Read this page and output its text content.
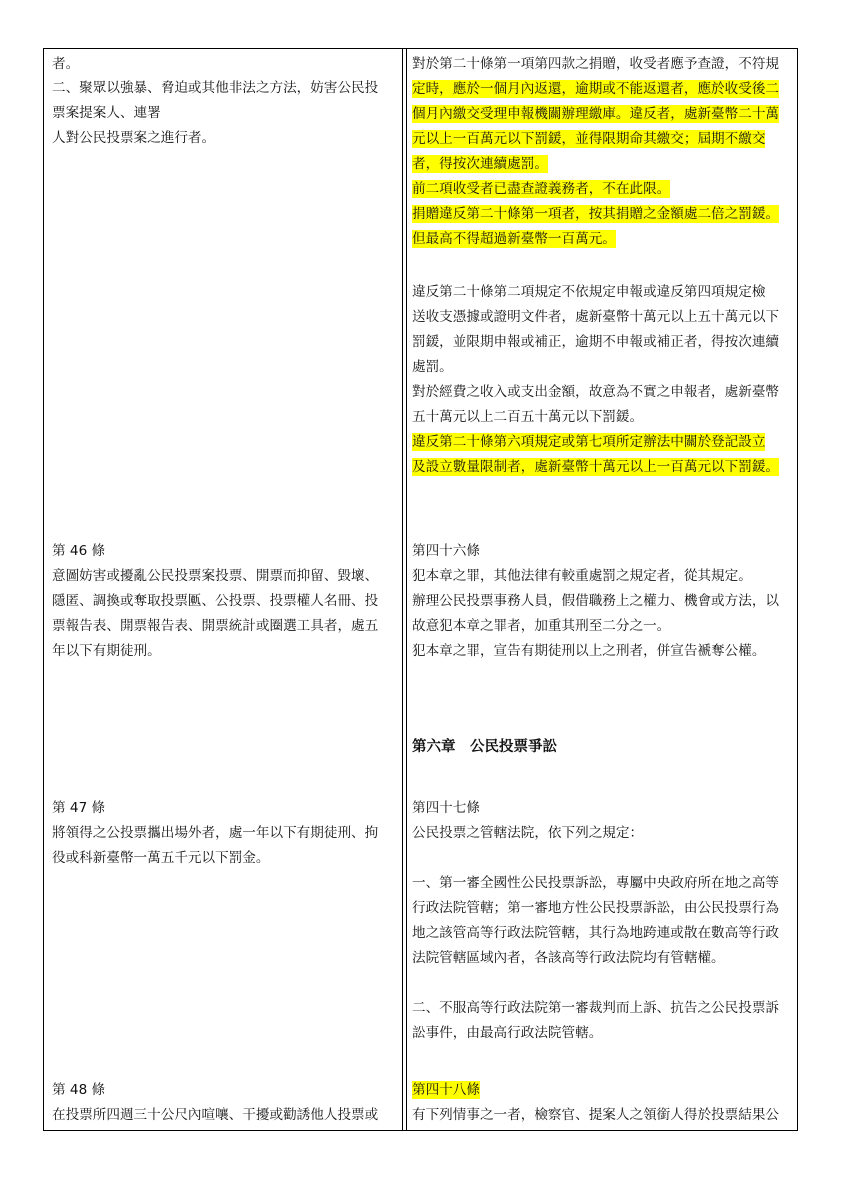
者。
二、聚眾以強暴、脅迫或其他非法之方法，妨害公民投
票案提案人、連署
人對公民投票案之進行者。
第 46 條
意圖妨害或擾亂公民投票案投票、開票而抑留、毀壞、
隱匿、調換或奪取投票匭、公投票、投票權人名冊、投
票報告表、開票報告表、開票統計或圈選工具者，處五
年以下有期徒刑。
第 47 條
將領得之公投票攜出場外者，處一年以下有期徒刑、拘
役或科新臺幣一萬五千元以下罰金。
第 48 條
在投票所四週三十公尺內喧嚷、干擾或勸誘他人投票或
對於第二十條第一項第四款之捐贈，收受者應予查證，不符規
定時，應於一個月內返還，逾期或不能返還者，應於收受後二
個月內繳交受理申報機關辦理繳庫。違反者，處新臺幣二十萬
元以上一百萬元以下罰鍰，並得限期命其繳交；屆期不繳交
者，得按次連續處罰。
前二項收受者已盡查證義務者，不在此限。
捐贈違反第二十條第一項者，按其捐贈之金額處二倍之罰鍰。
但最高不得超過新臺幣一百萬元。
違反第二十條第二項規定不依規定申報或違反第四項規定檢
送收支憑據或證明文件者，處新臺幣十萬元以上五十萬元以下
罰鍰，並限期申報或補正，逾期不申報或補正者，得按次連續
處罰。
對於經費之收入或支出金額，故意為不實之申報者，處新臺幣
五十萬元以上二百五十萬元以下罰鍰。
違反第二十條第六項規定或第七項所定辦法中關於登記設立
及設立數量限制者，處新臺幣十萬元以上一百萬元以下罰鍰。
第四十六條
犯本章之罪，其他法律有較重處罰之規定者，從其規定。
辦理公民投票事務人員，假借職務上之權力、機會或方法，以
故意犯本章之罪者，加重其刑至二分之一。
犯本章之罪，宣告有期徒刑以上之刑者，併宣告褫奪公權。
第六章　公民投票爭訟
第四十七條
公民投票之管轄法院，依下列之規定：
一、第一審全國性公民投票訴訟，專屬中央政府所在地之高等
行政法院管轄；第一審地方性公民投票訴訟，由公民投票行為
地之該管高等行政法院管轄，其行為地跨連或散在數高等行政
法院管轄區域內者，各該高等行政法院均有管轄權。
二、不服高等行政法院第一審裁判而上訴、抗告之公民投票訴
訟事件，由最高行政法院管轄。
第四十八條
有下列情事之一者，檢察官、提案人之領銜人得於投票結果公
